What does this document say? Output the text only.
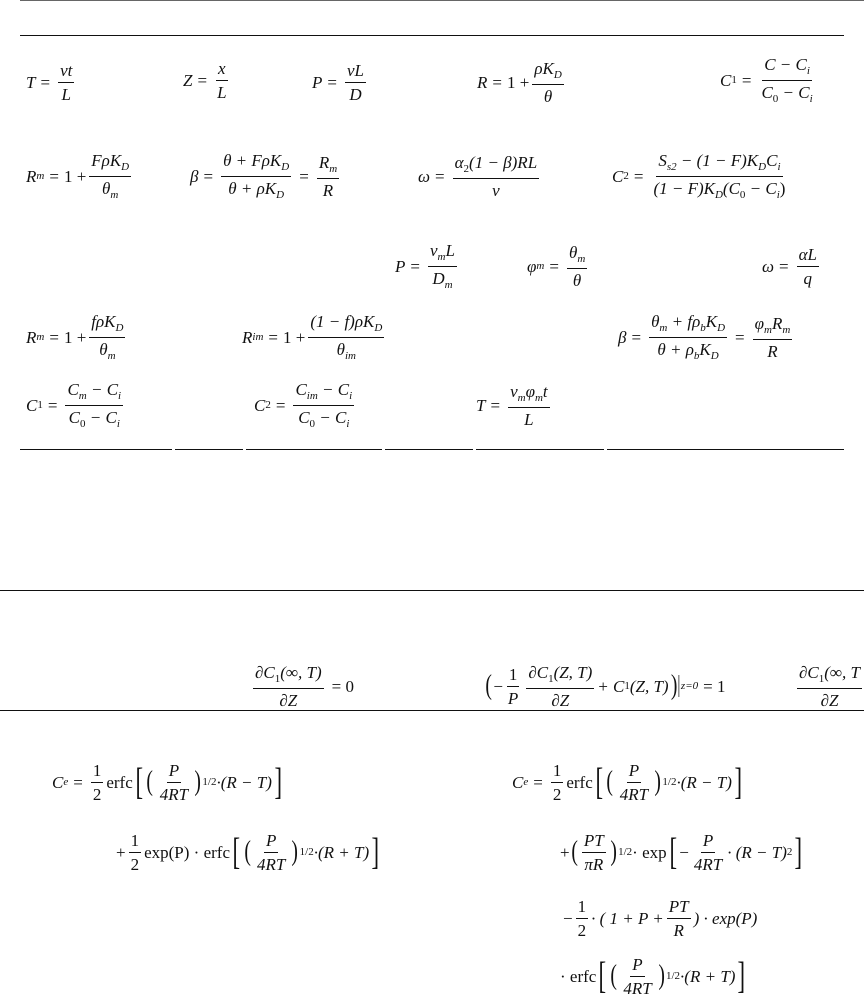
$T = \frac{vt}{L}$	$Z = \frac{x}{L}$	$P = \frac{vL}{D}$	$R = 1 + \frac{\rho K_D}{\theta}$	C $1 = \frac{C - C_i}{C_0 - C_i}$
R $m = 1 + \frac{F\rho K_D}{\theta_m}$	$\beta = \frac{\theta + F\rho K_D}{\theta + \rho K_D} = \frac{R_m}{R}$	$\omega = \frac{\alpha_2(1 - \beta)RL}{v}$	C $2 = \frac{S_{s2} - (1 - F)K_DC_i}{(1 - F)K_D(C_0 - C_i)}$
$P = \frac{v_mL}{D_m}$	φ $m = \frac{\theta_m}{\theta}$	$\omega = \frac{\alpha L}{q}$
R $m = 1 + \frac{f\rho K_D}{\theta_m}$	R im = $1 + \frac{(1 - f)\rho K_D}{\theta_{im}}$	$\beta = \frac{\theta_m + f\rho_bK_D}{\theta + \rho_bK_D} = \frac{\varphi_mR_m}{R}$
C $1 = \frac{C_m - C_i}{C_0 - C_i}$	C $2 = \frac{C_{im} - C_i}{C_0 - C_i}$	$T = \frac{v_m\varphi_mt}{L}$
$\frac{\partial C_1(\infty, T)}{\partial Z} = 0$	( − $\frac{1}{P} \frac{\partial C_1(Z, T)}{\partial Z} + C$ 1 (Z, T) ) z=0 = 1	$\frac{\partial C_1(\infty, T}{\partial Z}$
C $e = \frac{1}{2}$ erfc [ ( $\frac{P}{4RT}$ ) 1/2 ·(R − T) ]
+ $\frac{1}{2} \exp(P)$ · erfc [ ( $\frac{P}{4RT}$ ) 1/2 ·(R + T) ]
C $e = \frac{1}{2}$ erfc [ ( $\frac{P}{4RT}$ ) 1/2 ·(R − T) ]
+ ( $\frac{PT}{\pi R}$ ) 1/2 · exp [ − $\frac{P}{4RT} \cdot (R - T)$ 2 ]
− $\frac{1}{2}$ · ( $1 + P + \frac{PT}{R}$ ) · exp(P)
· erfc [ ( $\frac{P}{4RT}$ ) 1/2 ·(R + T) ]
